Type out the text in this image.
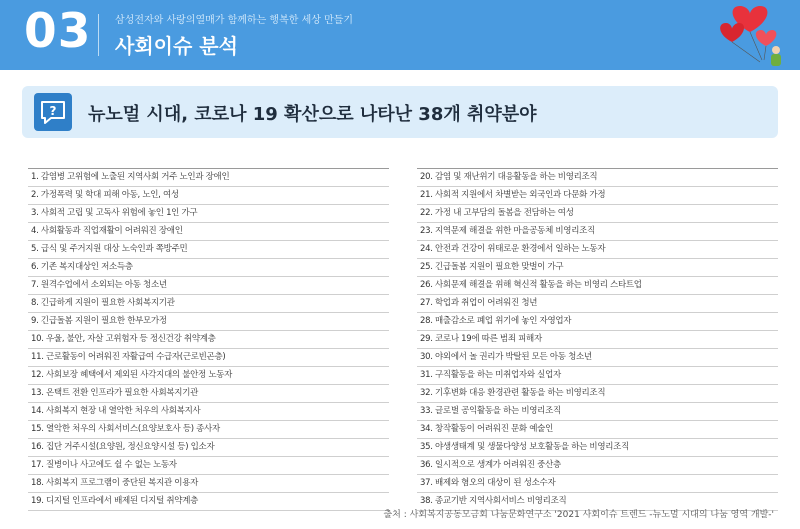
03 삼성전자와 사랑의열매가 함께하는 행복한 세상 만들기
사회이슈 분석
? 뉴노멀 시대, 코로나 19 확산으로 나타난 38개 취약분야
1. 감염병 고위험에 노출된 지역사회 거주 노인과 장애인
2. 가정폭력 및 학대 피해 아동, 노인, 여성
3. 사회적 고립 및 고독사 위험에 놓인 1인 가구
4. 사회활동과 직업재활이 어려워진 장애인
5. 급식 및 주거지원 대상 노숙인과 쪽방주민
6. 기존 복지대상인 저소득층
7. 원격수업에서 소외되는 아동 청소년
8. 긴급하게 지원이 필요한 사회복지기관
9. 긴급돌봄 지원이 필요한 한부모가정
10. 우울, 불안, 자살 고위험자 등 정신건강 취약계층
11. 근로활동이 어려워진 자활급여 수급자(근로빈곤층)
12. 사회보장 혜택에서 제외된 사각지대의 불안정 노동자
13. 온택트 전환 인프라가 필요한 사회복지기관
14. 사회복지 현장 내 열악한 처우의 사회복지사
15. 열악한 처우의 사회서비스(요양보호사 등) 종사자
16. 집단 거주시설(요양원, 정신요양시설 등) 입소자
17. 질병이나 사고에도 쉴 수 없는 노동자
18. 사회복지 프로그램이 중단된 복지관 이용자
19. 디지털 인프라에서 배제된 디지털 취약계층
20. 감염 및 재난위기 대응활동을 하는 비영리조직
21. 사회적 지원에서 차별받는 외국인과 다문화 가정
22. 가정 내 고부담의 돌봄을 전담하는 여성
23. 지역문제 해결을 위한 마을공동체 비영리조직
24. 안전과 건강이 위태로운 환경에서 일하는 노동자
25. 긴급돌봄 지원이 필요한 맞벌이 가구
26. 사회문제 해결을 위해 혁신적 활동을 하는 비영리 스타트업
27. 학업과 취업이 어려워진 청년
28. 매출감소로 폐업 위기에 놓인 자영업자
29. 코로나 19에 따른 범죄 피해자
30. 야외에서 놀 권리가 박탈된 모든 아동 청소년
31. 구직활동을 하는 미취업자와 실업자
32. 기후변화 대응 환경관련 활동을 하는 비영리조직
33. 글로벌 공익활동을 하는 비영리조직
34. 창작활동이 어려워진 문화 예술인
35. 야생생태계 및 생물다양성 보호활동을 하는 비영리조직
36. 일시적으로 생계가 어려워진 중산층
37. 배제와 혐오의 대상이 된 성소수자
38. 종교기반 지역사회서비스 비영리조직
출처 : 사회복지공동모금회 나눔문화연구소 '2021 사회이슈 트렌드 -뉴노멀 시대의 나눔 영역 개발-'
